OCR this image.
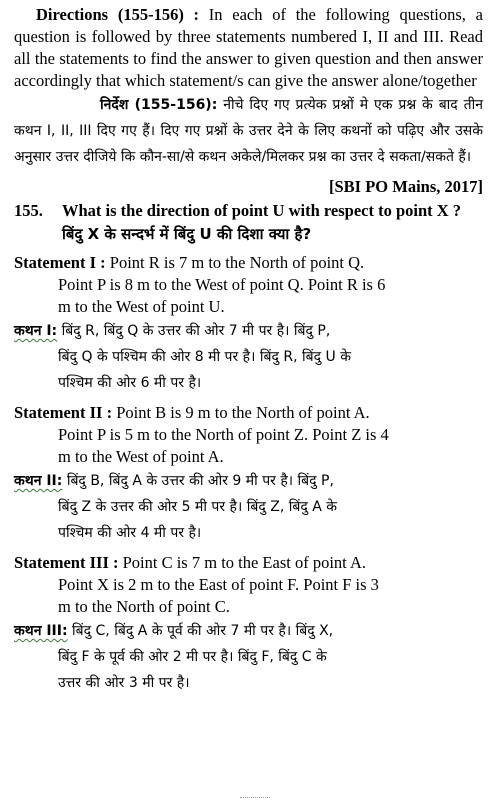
Directions (155-156) : In each of the following questions, a question is followed by three statements numbered I, II and III. Read all the statements to find the answer to given question and then answer accordingly that which statement/s can give the answer alone/together

निर्देश (155-156): नीचे दिए गए प्रत्येक प्रश्नों मे एक प्रश्न के बाद तीन कथन I, II, III दिए गए हैं। दिए गए प्रश्नों के उत्तर देने के लिए कथनों को पढ़िए और उसके अनुसार उत्तर दीजिये कि कौन-सा/से कथन अकेले/मिलकर प्रश्न का उत्तर दे सकता/सकते हैं।

[SBI PO Mains, 2017]
155.	What is the direction of point U with respect to point X ?
बिंदु X के सन्दर्भ में बिंदु U की दिशा क्या है?
Statement I : Point R is 7 m to the North of point Q.
Point P is 8 m to the West of point Q. Point R is 6
m to the West of point U.
कथन I: बिंदु R, बिंदु Q के उत्तर की ओर 7 मी पर है। बिंदु P,
बिंदु Q के पश्चिम की ओर 8 मी पर है। बिंदु R, बिंदु U के
पश्चिम की ओर 6 मी पर है।
Statement II : Point B is 9 m to the North of point A.
Point P is 5 m to the North of point Z. Point Z is 4
m to the West of point A.
कथन II: बिंदु B, बिंदु A के उत्तर की ओर 9 मी पर है। बिंदु P,
बिंदु Z के उत्तर की ओर 5 मी पर है। बिंदु Z, बिंदु A के
पश्चिम की ओर 4 मी पर है।
Statement III : Point C is 7 m to the East of point A.
Point X is 2 m to the East of point F. Point F is 3
m to the North of point C.
कथन III: बिंदु C, बिंदु A के पूर्व की ओर 7 मी पर है। बिंदु X,
बिंदु F के पूर्व की ओर 2 मी पर है। बिंदु F, बिंदु C के
उत्तर की ओर 3 मी पर है।
